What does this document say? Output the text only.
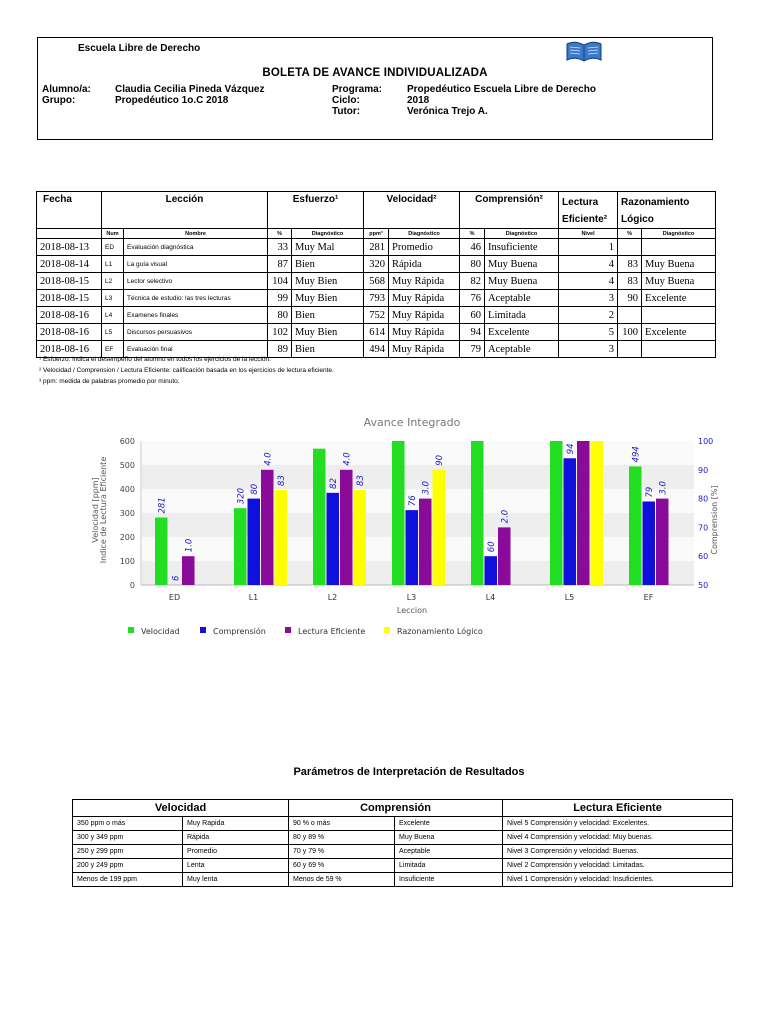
Escuela Libre de Derecho
BOLETA DE AVANCE INDIVIDUALIZADA
Alumno/a: Claudia Cecilia Pineda Vázquez
Grupo:	Propedéutico 1o.C 2018
Programa: Propedéutico Escuela Libre de Derecho
Ciclo:	2018
Tutor:	Verónica Trejo A.
Fecha	Lección		Esfuerzo¹		Velocidad²		Comprensión²		Lectura Eficiente²	Razonamiento Lógico	
	Num	Nombre	%	Diagnóstico	ppm³	Diagnóstico	%	Diagnóstico	Nivel	%	Diagnóstico
2018-08-13	ED	Evaluación diagnóstica	33	Muy Mal	281	Promedio	46	Insuficiente	1		
2018-08-14	L1	La guía visual	87	Bien	320	Rápida	80	Muy Buena	4	83	Muy Buena
2018-08-15	L2	Lector selectivo	104	Muy Bien	568	Muy Rápida	82	Muy Buena	4	83	Muy Buena
2018-08-15	L3	Técnica de estudio: las tres lecturas	99	Muy Bien	793	Muy Rápida	76	Aceptable	3	90	Excelente
2018-08-16	L4	Examenes finales	80	Bien	752	Muy Rápida	60	Limitada	2		
2018-08-16	L5	Discursos persuasivos	102	Muy Bien	614	Muy Rápida	94	Excelente	5	100	Excelente
2018-08-16	EF	Evaluación final	89	Bien	494	Muy Rápida	79	Aceptable	3		
¹ Esfuerzo: indica el desempeño del alumno en todos los ejercicios de la lección.
² Velocidad / Comprension / Lectura Eficiente: calificación basada en los ejercicios de lectura eficiente.
³ ppm: medida de palabras promedio por minuto.
Avance Integrado
0
100
200
300
400
500
600
50
60
70
80
90
100
281
6
1.0
320 80
4.0
83	82
4.0
83
76
3.0
90
60
2.0
94	494
79 3.0
ED	L1	L2	L3	L4	L5	EF
Leccion
Velocidad [ppm] Indice de Lectura Eficiente	Comprension [%]
Velocidad	Comprensión	Lectura Eficiente	Razonamiento Lógico
Parámetros de Interpretación de Resultados
Velocidad		Comprensión		Lectura Eficiente
350 ppm o más	Muy Rapida	90 % o más	Excelente	Nivel 5 Comprensión y velocidad: Excelentes.
300 y 349 ppm	Rápida	80 y 89 %	Muy Buena	Nivel 4 Comprensión y velocidad: Muy buenas.
250 y 299 ppm	Promedio	70 y 79 %	Aceptable	Nivel 3 Comprensión y velocidad: Buenas.
200 y 249 ppm	Lenta	60 y 69 %	Limitada	Nivel 2 Comprensión y velocidad: Limitadas.
Menos de 199 ppm	Muy lenta	Menos de 59 %	Insuficiente	Nivel 1 Comprensión y velocidad: Insuficientes.
